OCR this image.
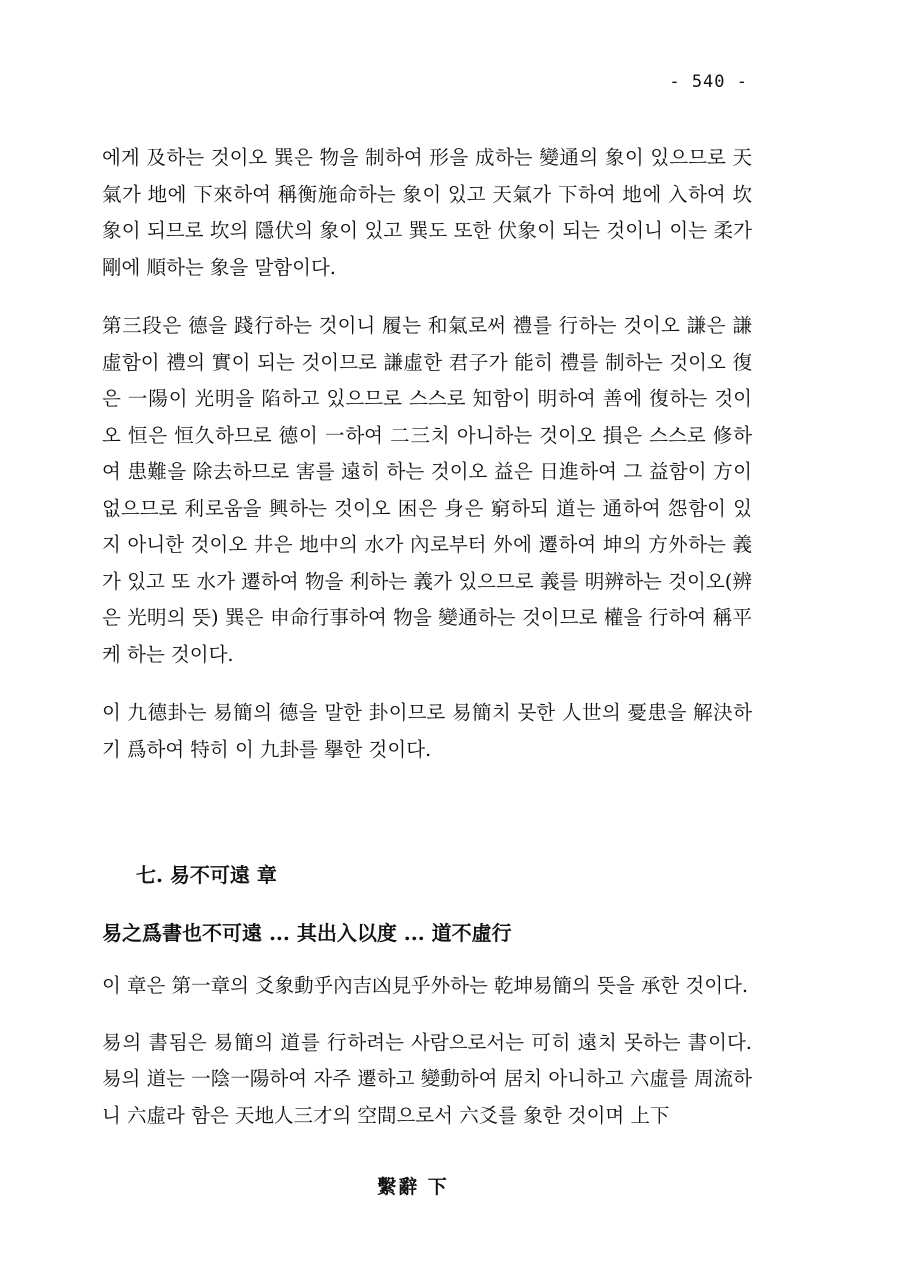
- 540 -

에게 及하는 것이오 巽은 物을 制하여 形을 成하는 變通의 象이 있으므로 天氣가 地에 下來하여 稱衡施命하는 象이 있고 天氣가 下하여 地에 入하여 坎象이 되므로 坎의 隱伏의 象이 있고 巽도 또한 伏象이 되는 것이니 이는 柔가 剛에 順하는 象을 말함이다.

第三段은 德을 踐行하는 것이니 履는 和氣로써 禮를 行하는 것이오 謙은 謙虛함이 禮의 實이 되는 것이므로 謙虛한 君子가 能히 禮를 制하는 것이오 復은 一陽이 光明을 陷하고 있으므로 스스로 知함이 明하여 善에 復하는 것이오 恒은 恒久하므로 德이 一하여 二三치 아니하는 것이오 損은 스스로 修하여 患難을 除去하므로 害를 遠히 하는 것이오 益은 日進하여 그 益함이 方이 없으므로 利로움을 興하는 것이오 困은 身은 窮하되 道는 通하여 怨함이 있지 아니한 것이오 井은 地中의 水가 內로부터 外에 遷하여 坤의 方外하는 義가 있고 또 水가 遷하여 物을 利하는 義가 있으므로 義를 明辨하는 것이오(辨은 光明의 뜻) 巽은 申命行事하여 物을 變通하는 것이므로 權을 行하여 稱平케 하는 것이다.

이 九德卦는 易簡의 德을 말한 卦이므로 易簡치 못한 人世의 憂患을 解決하기 爲하여 特히 이 九卦를 擧한 것이다.

七. 易不可遠 章

易之爲書也不可遠 ... 其出入以度 ... 道不虛行

이 章은 第一章의 爻象動乎內吉凶見乎外하는 乾坤易簡의 뜻을 承한 것이다.

易의 書됨은 易簡의 道를 行하려는 사람으로서는 可히 遠치 못하는 書이다. 易의 道는 一陰一陽하여 자주 遷하고 變動하여 居치 아니하고 六虛를 周流하니 六虛라 함은 天地人三才의 空間으로서 六爻를 象한 것이며 上下

繫辭 下
